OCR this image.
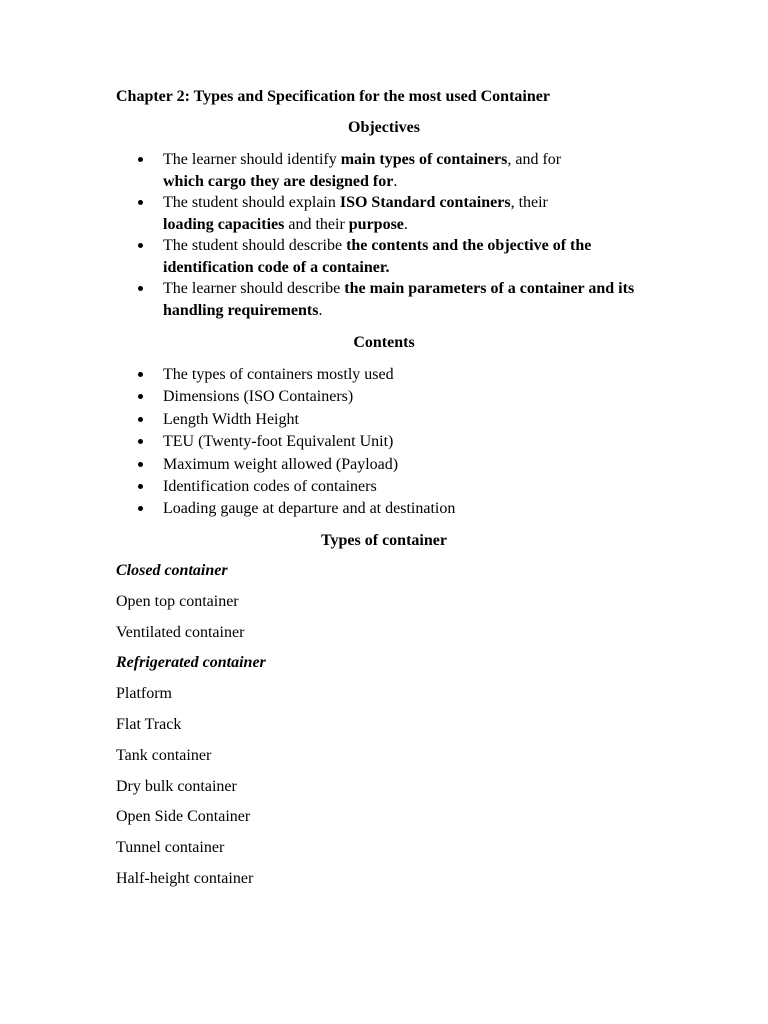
Chapter 2: Types and Specification for the most used Container
Objectives
The learner should identify main types of containers, and for
which cargo they are designed for.
The student should explain ISO Standard containers, their
loading capacities and their purpose.
The student should describe the contents and the objective of the identification code of a container.
The learner should describe the main parameters of a container and its handling requirements.
Contents
The types of containers mostly used
Dimensions (ISO Containers)
Length Width Height
TEU (Twenty-foot Equivalent Unit)
Maximum weight allowed (Payload)
Identification codes of containers
Loading gauge at departure and at destination
Types of container
Closed container
Open top container
Ventilated container
Refrigerated container
Platform
Flat Track
Tank container
Dry bulk container
Open Side Container
Tunnel container
Half-height container
